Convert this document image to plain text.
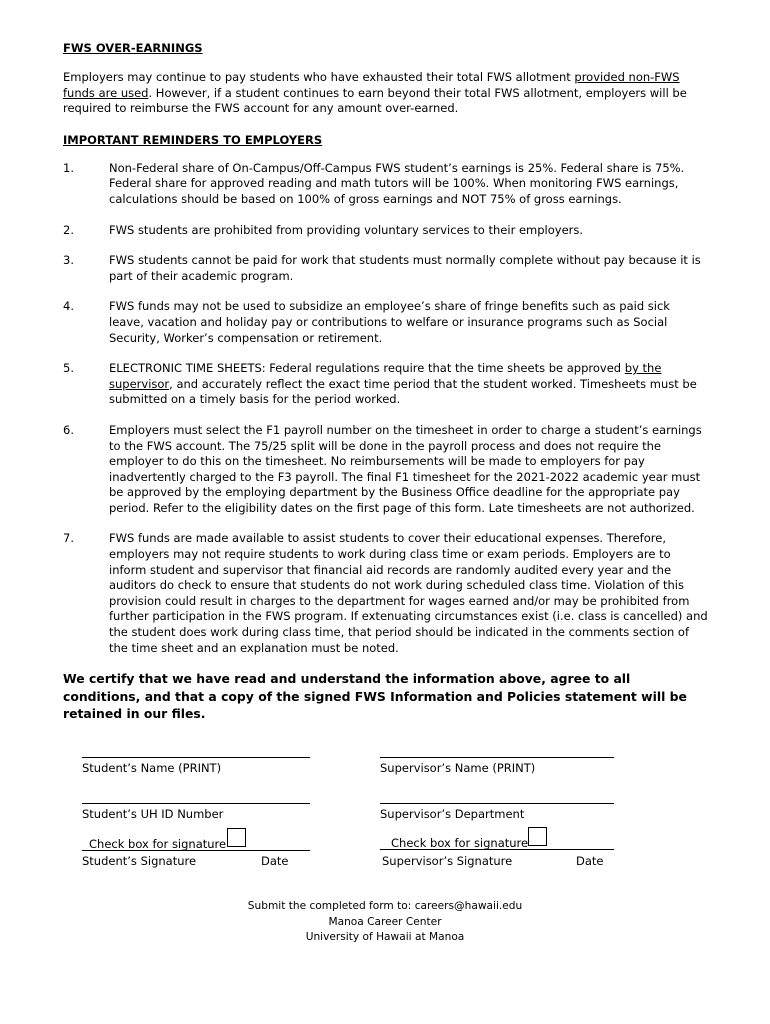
FWS OVER-EARNINGS

Employers may continue to pay students who have exhausted their total FWS allotment provided non-FWS funds are used. However, if a student continues to earn beyond their total FWS allotment, employers will be required to reimburse the FWS account for any amount over-earned.

IMPORTANT REMINDERS TO EMPLOYERS

1.	Non-Federal share of On-Campus/Off-Campus FWS student’s earnings is 25%. Federal share is 75%. Federal share for approved reading and math tutors will be 100%. When monitoring FWS earnings, calculations should be based on 100% of gross earnings and NOT 75% of gross earnings.
2.	FWS students are prohibited from providing voluntary services to their employers.
3.	FWS students cannot be paid for work that students must normally complete without pay because it is part of their academic program.
4.	FWS funds may not be used to subsidize an employee’s share of fringe benefits such as paid sick leave, vacation and holiday pay or contributions to welfare or insurance programs such as Social Security, Worker’s compensation or retirement.
5.	ELECTRONIC TIME SHEETS: Federal regulations require that the time sheets be approved by the supervisor, and accurately reflect the exact time period that the student worked. Timesheets must be submitted on a timely basis for the period worked.
6.	Employers must select the F1 payroll number on the timesheet in order to charge a student’s earnings to the FWS account. The 75/25 split will be done in the payroll process and does not require the employer to do this on the timesheet. No reimbursements will be made to employers for pay inadvertently charged to the F3 payroll. The final F1 timesheet for the 2021-2022 academic year must be approved by the employing department by the Business Office deadline for the appropriate pay period. Refer to the eligibility dates on the first page of this form. Late timesheets are not authorized.
7.	FWS funds are made available to assist students to cover their educational expenses. Therefore, employers may not require students to work during class time or exam periods. Employers are to inform student and supervisor that financial aid records are randomly audited every year and the auditors do check to ensure that students do not work during scheduled class time. Violation of this provision could result in charges to the department for wages earned and/or may be prohibited from further participation in the FWS program. If extenuating circumstances exist (i.e. class is cancelled) and the student does work during class time, that period should be indicated in the comments section of the time sheet and an explanation must be noted.

We certify that we have read and understand the information above, agree to all conditions, and that a copy of the signed FWS Information and Policies statement will be retained in our files.

Student’s Name (PRINT)	Supervisor’s Name (PRINT)
Student’s UH ID Number	Supervisor’s Department
Check box for signature	Check box for signature
Student’s Signature	Date	Supervisor’s Signature	Date
Submit the completed form to: careers@hawaii.edu
Manoa Career Center
University of Hawaii at Manoa
